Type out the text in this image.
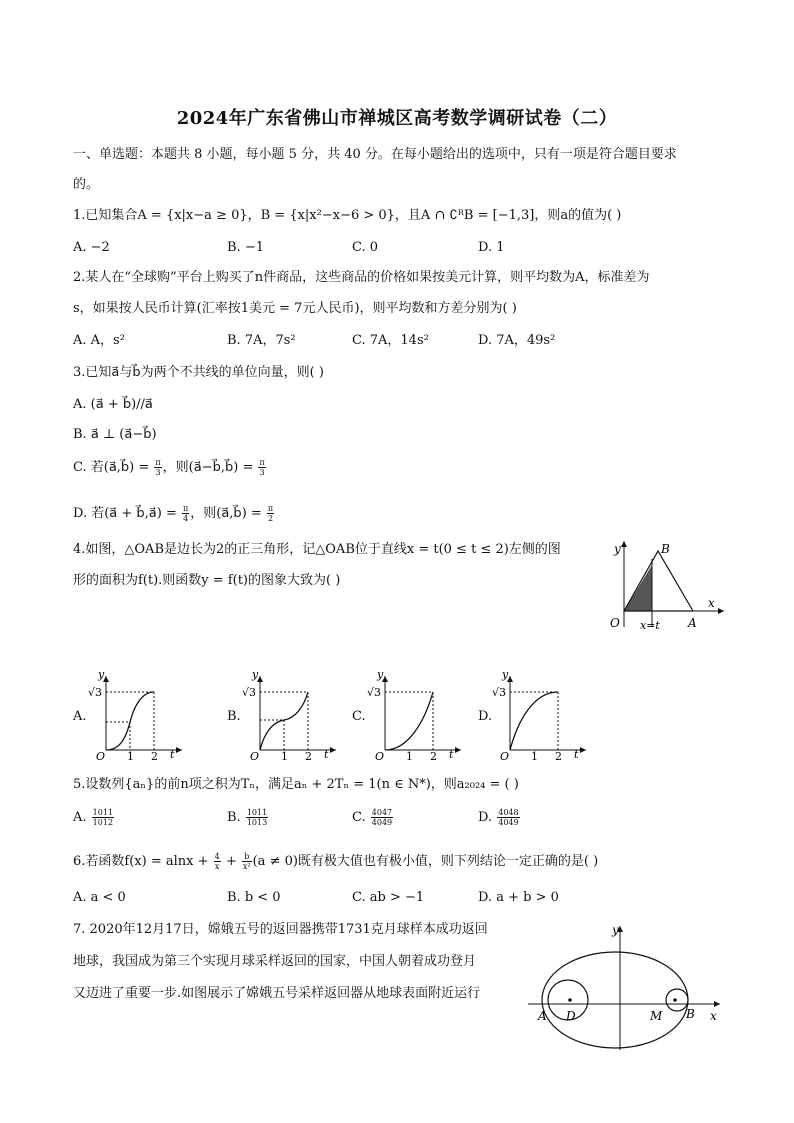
2024年广东省佛山市禅城区高考数学调研试卷（二）
一、单选题：本题共 8 小题，每小题 5 分，共 40 分。在每小题给出的选项中，只有一项是符合题目要求
的。
1.已知集合A = {x|x−a ≥ 0}，B = {x|x²−x−6 > 0}，且A ∩ ∁ᴿB = [−1,3]，则a的值为( )
A. −2	B. −1	C. 0	D. 1
2.某人在“全球购”平台上购买了n件商品，这些商品的价格如果按美元计算，则平均数为A，标准差为
s，如果按人民币计算(汇率按1美元 = 7元人民币)，则平均数和方差分别为( )
A. A，s²	B. 7A，7s²	C. 7A，14s²	D. 7A，49s²
3.已知a⃗与b⃗为两个不共线的单位向量，则( )
A. (a⃗ + b⃗)//a⃗
B. a⃗ ⊥ (a⃗−b⃗)
C. 若(a⃗,b⃗) = $\frac{\pi}{3}$ ，则(a⃗−b⃗,b⃗) = $\frac{\pi}{3}$
D. 若(a⃗ + b⃗,a⃗) = $\frac{\pi}{4}$ ，则(a⃗,b⃗) = $\frac{\pi}{2}$
4.如图，△OAB是边长为2的正三角形，记△OAB位于直线x = t(0 ≤ t ≤ 2)左侧的图
形的面积为f(t).则函数y = f(t)的图象大致为( )
y
x
O	A
B
x=t
A.
√3
y
O 1 2 t
B.
√3
y
O 1 2 t
C.
√3
y
O 1 2 t
D.
√3
y
O 1 2 t
5.设数列{aₙ}的前n项之积为Tₙ，满足aₙ + 2Tₙ = 1(n ∈ N*)，则a₂₀₂₄ = ( )
A. $\frac{1011}{1012}$	B. $\frac{1011}{1013}$	C. $\frac{4047}{4049}$	D. $\frac{4048}{4049}$
6.若函数$f(x) = alnx + \frac{4}{x} + \frac{b}{\text{x²}} (a \ne 0)$既有极大值也有极小值，则下列结论一定正确的是( )
A. a < 0	B. b < 0	C. ab > −1	D. a + b > 0
7. 2020年12月17日，嫦娥五号的返回器携带1731克月球样本成功返回
地球，我国成为第三个实现月球采样返回的国家，中国人朝着成功登月
又迈进了重要一步.如图展示了嫦娥五号采样返回器从地球表面附近运行
y
x
A D	M B
